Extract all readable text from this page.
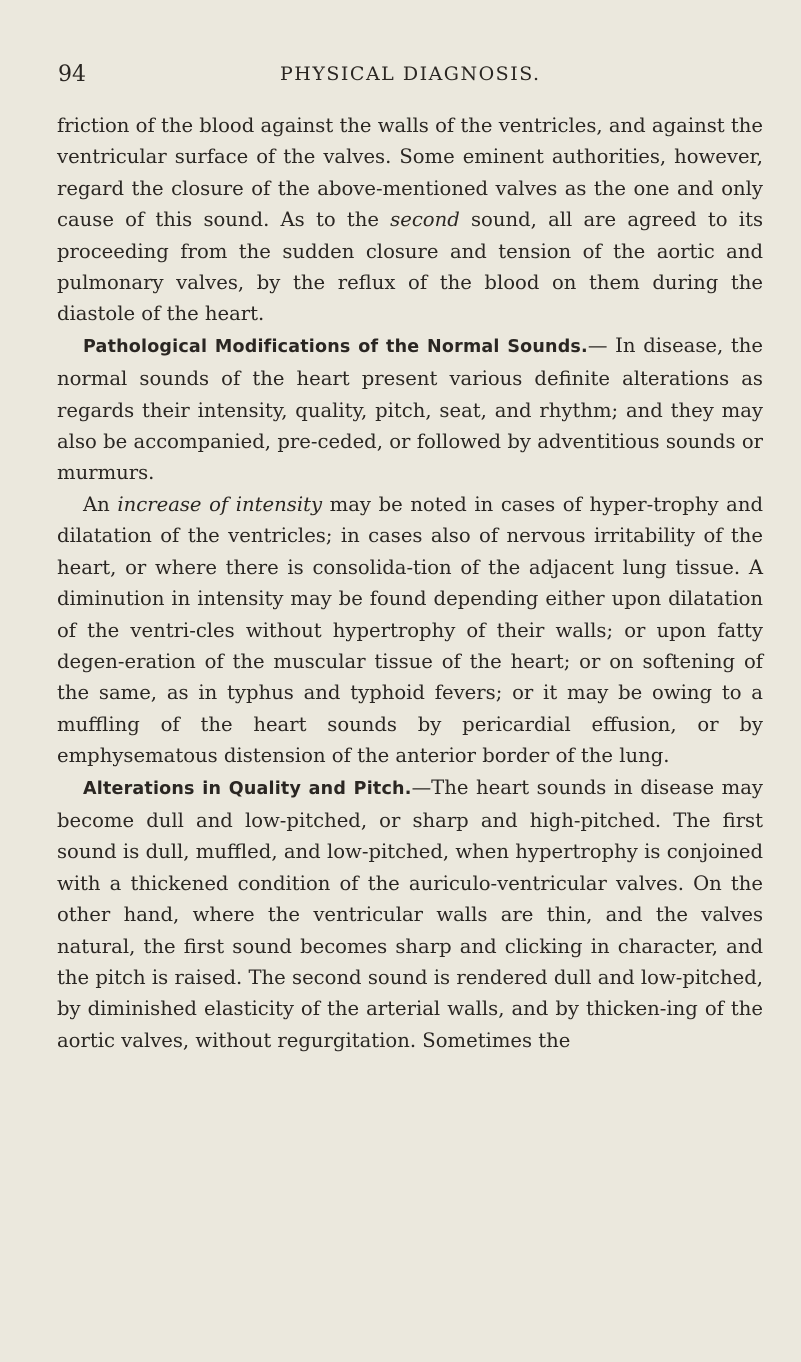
94	PHYSICAL DIAGNOSIS.

friction of the blood against the walls of the ventricles, and against the ventricular surface of the valves. Some eminent authorities, however, regard the closure of the above-mentioned valves as the one and only cause of this sound. As to the second sound, all are agreed to its proceeding from the sudden closure and tension of the aortic and pulmonary valves, by the reflux of the blood on them during the diastole of the heart.

Pathological Modifications of the Normal Sounds.— In disease, the normal sounds of the heart present various definite alterations as regards their intensity, quality, pitch, seat, and rhythm; and they may also be accompanied, pre-ceded, or followed by adventitious sounds or murmurs.

An increase of intensity may be noted in cases of hyper-trophy and dilatation of the ventricles; in cases also of nervous irritability of the heart, or where there is consolida-tion of the adjacent lung tissue. A diminution in intensity may be found depending either upon dilatation of the ventri-cles without hypertrophy of their walls; or upon fatty degen-eration of the muscular tissue of the heart; or on softening of the same, as in typhus and typhoid fevers; or it may be owing to a muffling of the heart sounds by pericardial effusion, or by emphysematous distension of the anterior border of the lung.

Alterations in Quality and Pitch.—The heart sounds in disease may become dull and low-pitched, or sharp and high-pitched. The first sound is dull, muffled, and low-pitched, when hypertrophy is conjoined with a thickened condition of the auriculo-ventricular valves. On the other hand, where the ventricular walls are thin, and the valves natural, the first sound becomes sharp and clicking in character, and the pitch is raised. The second sound is rendered dull and low-pitched, by diminished elasticity of the arterial walls, and by thicken-ing of the aortic valves, without regurgitation. Sometimes the
